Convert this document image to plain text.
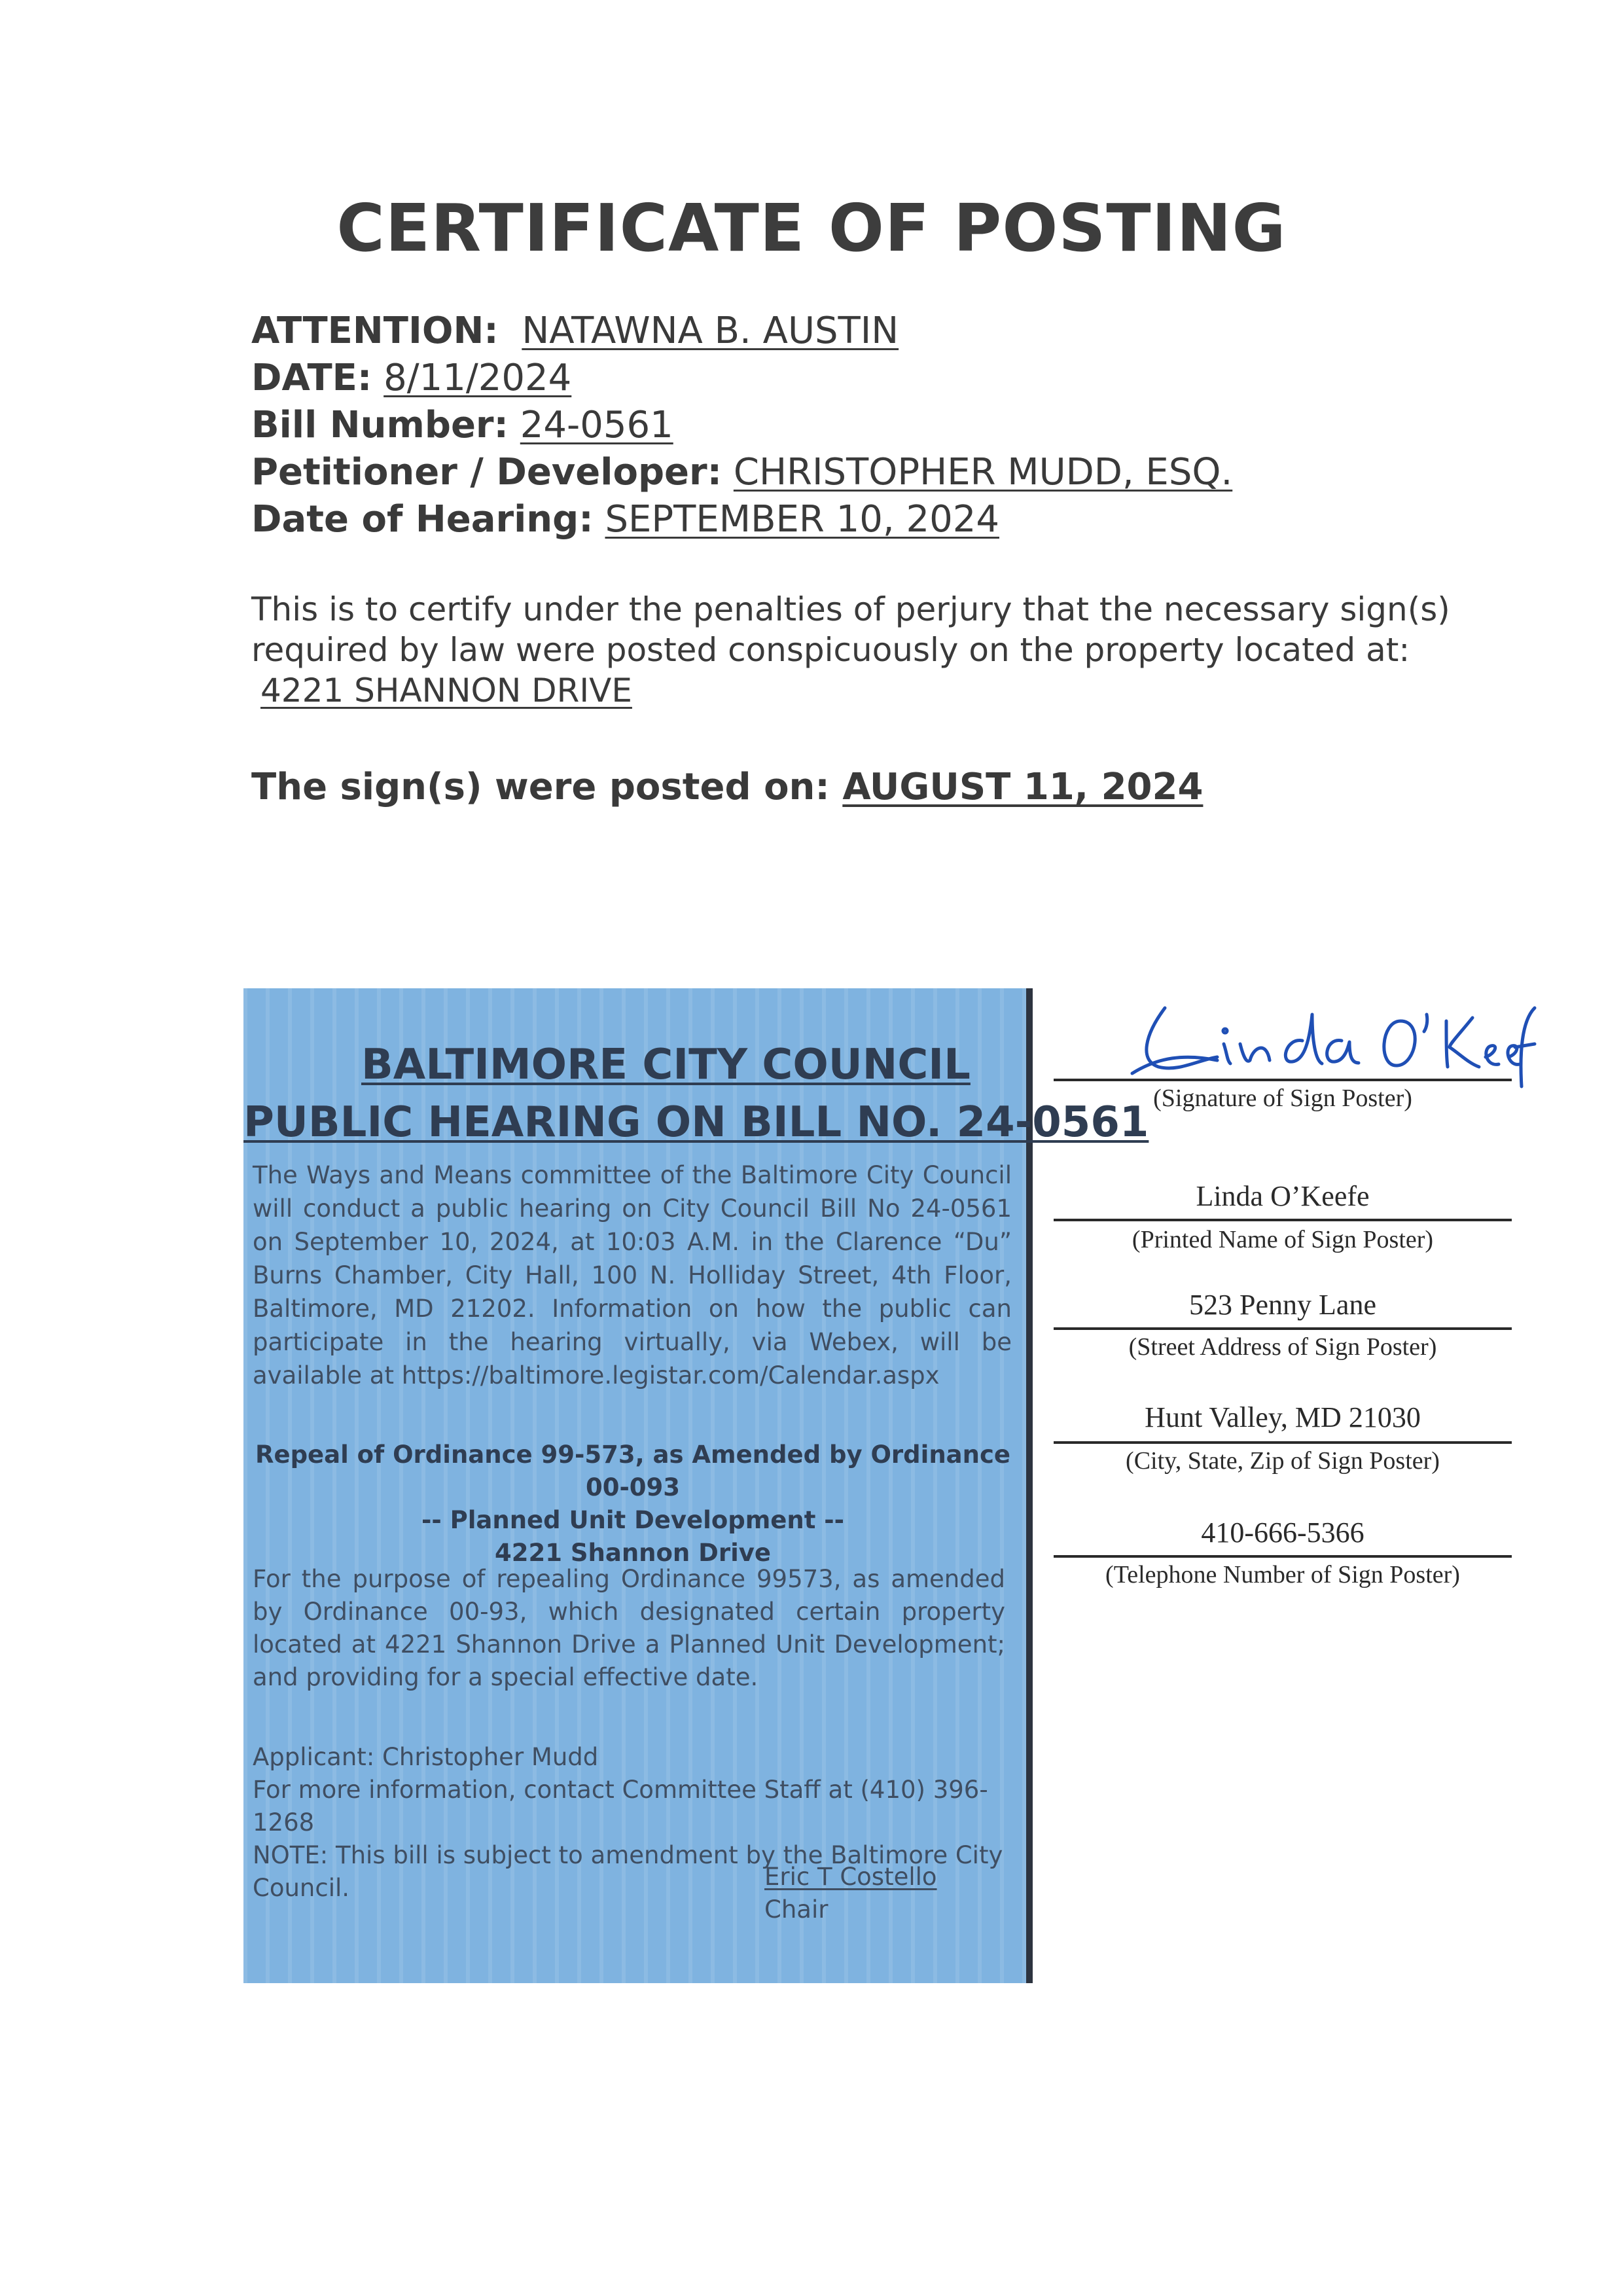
CERTIFICATE OF POSTING
ATTENTION: NATAWNA B. AUSTIN
DATE: 8/11/2024
Bill Number: 24-0561
Petitioner / Developer: CHRISTOPHER MUDD, ESQ.
Date of Hearing: SEPTEMBER 10, 2024
This is to certify under the penalties of perjury that the necessary sign(s) required by law were posted conspicuously on the property located at:
4221 SHANNON DRIVE
The sign(s) were posted on: AUGUST 11, 2024
BALTIMORE CITY COUNCIL
PUBLIC HEARING ON BILL NO. 24-0561
The Ways and Means committee of the Baltimore City Council will conduct a public hearing on City Council Bill No 24-0561 on September 10, 2024, at 10:03 A.M. in the Clarence “Du” Burns Chamber, City Hall, 100 N. Holliday Street, 4th Floor, Baltimore, MD 21202. Information on how the public can participate in the hearing virtually, via Webex, will be available at https://baltimore.legistar.com/Calendar.aspx
Repeal of Ordinance 99-573, as Amended by Ordinance 00-093
-- Planned Unit Development --
4221 Shannon Drive
For the purpose of repealing Ordinance 99573, as amended by Ordinance 00-93, which designated certain property located at 4221 Shannon Drive a Planned Unit Development; and providing for a special effective date.
Applicant: Christopher Mudd
For more information, contact Committee Staff at (410) 396-1268
NOTE: This bill is subject to amendment by the Baltimore City Council.	Eric T Costello
Chair
(Signature of Sign Poster)
Linda O’Keefe
(Printed Name of Sign Poster)
523 Penny Lane
(Street Address of Sign Poster)
Hunt Valley, MD 21030
(City, State, Zip of Sign Poster)
410-666-5366
(Telephone Number of Sign Poster)
